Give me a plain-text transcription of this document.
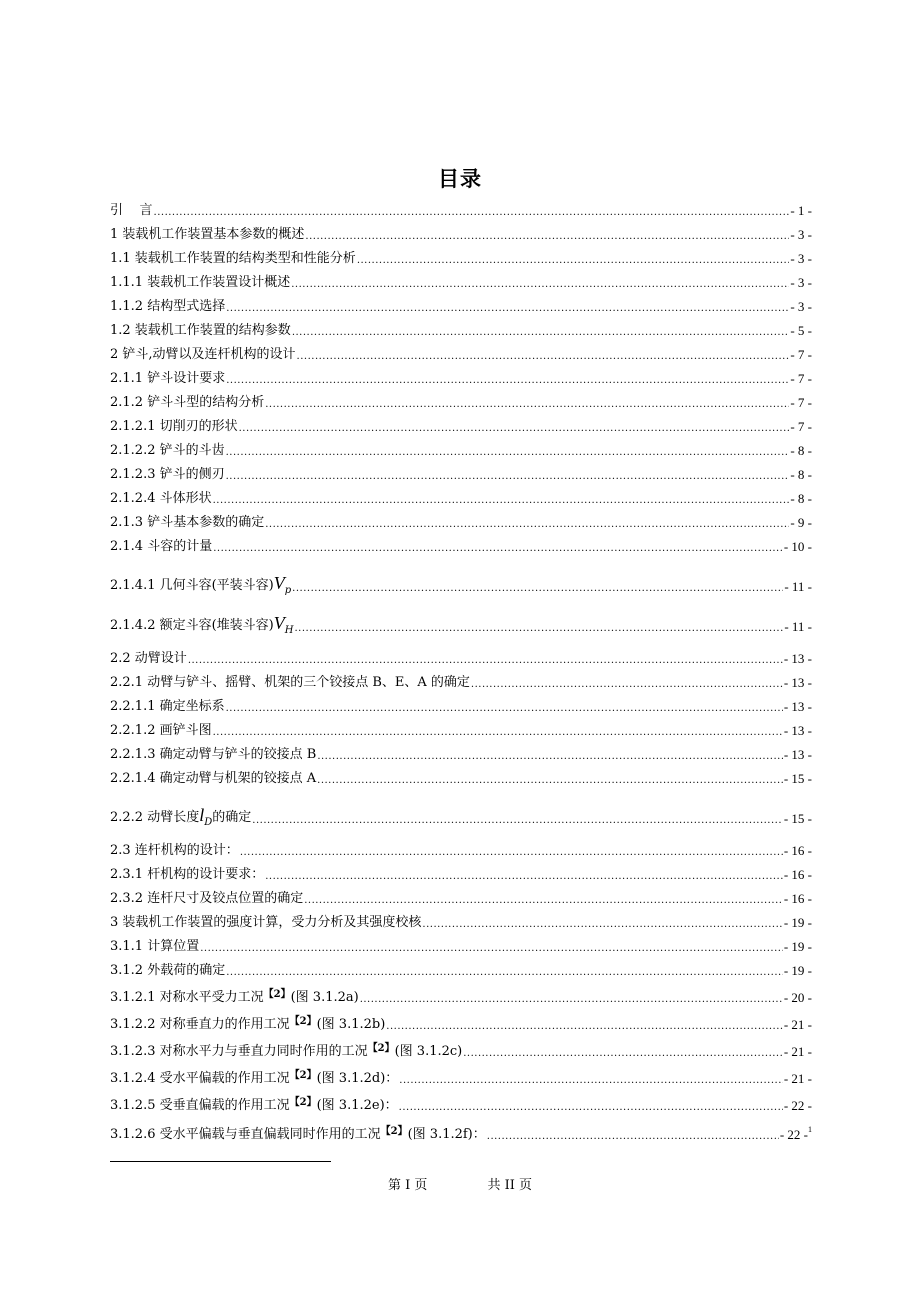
目录
引    言 .....	- 1 -
1 装载机工作装置基本参数的概述 .....	- 3 -
1.1 装载机工作装置的结构类型和性能分析 .....	- 3 -
1.1.1 装载机工作装置设计概述 .....	- 3 -
1.1.2 结构型式选择 .....	- 3 -
1.2 装载机工作装置的结构参数 .....	- 5 -
2 铲斗,动臂以及连杆机构的设计 .....	- 7 -
2.1.1 铲斗设计要求 .....	- 7 -
2.1.2 铲斗斗型的结构分析 .....	- 7 -
2.1.2.1 切削刃的形状 .....	- 7 -
2.1.2.2 铲斗的斗齿 .....	- 8 -
2.1.2.3 铲斗的侧刃 .....	- 8 -
2.1.2.4 斗体形状 .....	- 8 -
2.1.3 铲斗基本参数的确定 .....	- 9 -
2.1.4 斗容的计量 .....	- 10 -
2.1.4.1 几何斗容(平装斗容)$V_p$ .....	- 11 -
2.1.4.2 额定斗容(堆装斗容)$V_H$ .....	- 11 -
2.2 动臂设计 .....	- 13 -
2.2.1 动臂与铲斗、摇臂、机架的三个铰接点 B、E、A 的确定 .....	- 13 -
2.2.1.1 确定坐标系 .....	- 13 -
2.2.1.2 画铲斗图 .....	- 13 -
2.2.1.3 确定动臂与铲斗的铰接点 B .....	- 13 -
2.2.1.4 确定动臂与机架的铰接点 A .....	- 15 -
2.2.2 动臂长度$l_D$的确定 .....	- 15 -
2.3 连杆机构的设计： .....	- 16 -
2.3.1 杆机构的设计要求： .....	- 16 -
2.3.2 连杆尺寸及铰点位置的确定 .....	- 16 -
3 装载机工作装置的强度计算，受力分析及其强度校核 .....	- 19 -
3.1.1 计算位置 .....	- 19 -
3.1.2 外载荷的确定 .....	- 19 -
3.1.2.1 对称水平受力工况$^{【2】}$(图 3.1.2a) .....	- 20 -
3.1.2.2 对称垂直力的作用工况$^{【2】}$(图 3.1.2b) .....	- 21 -
3.1.2.3 对称水平力与垂直力同时作用的工况$^{【2】}$(图 3.1.2c) .....	- 21 -
3.1.2.4 受水平偏载的作用工况$^{【2】}$(图 3.1.2d)： .....	- 21 -
3.1.2.5 受垂直偏载的作用工况$^{【2】}$(图 3.1.2e)： .....	- 22 -
3.1.2.6 受水平偏载与垂直偏载同时作用的工况$^{【2】}$(图 3.1.2f)： .....	- 22 -$^1$
第 I 页	共 II 页
